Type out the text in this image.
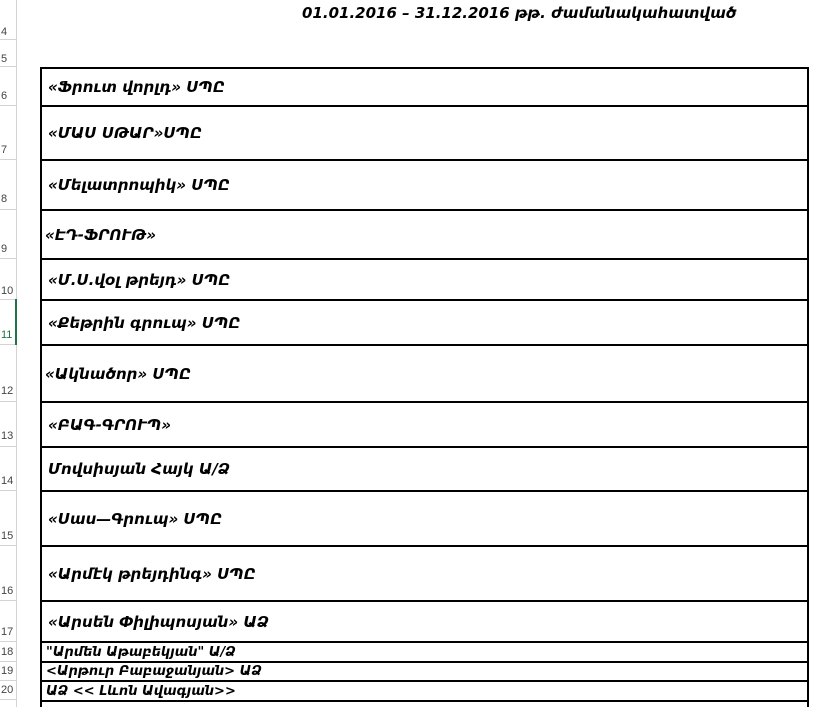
4
5
6
7
8
9
10
11
12
13
14
15
16
17
18
19
20
01.01.2016 – 31.12.2016 թթ. ժամանակահատված
«Ֆրուտ վորլդ» ՍՊԸ
«ՄԱՍ ՍԹԱՐ»ՍՊԸ
«Մելատրոպիկ» ՍՊԸ
«ԷԴ-ՖՐՈՒԹ»
«Մ.Ս.վօլ թրեյդ» ՍՊԸ
«Քեթրին գրուպ» ՍՊԸ
«Ակնածոր» ՍՊԸ
«ԲԱԳ-ԳՐՈՒՊ»
Մովսիսյան Հայկ Ա/Ձ
«Սաս—Գրուպ» ՍՊԸ
«Արմէկ թրեյդինգ» ՍՊԸ
«Արսեն Փիլիպոսյան» ԱՁ
"Արմեն Աթաբեկյան" Ա/Ձ
<Արթուր Բաբաջանյան> ԱՁ
ԱՁ << Լևոն Ավագյան>>
